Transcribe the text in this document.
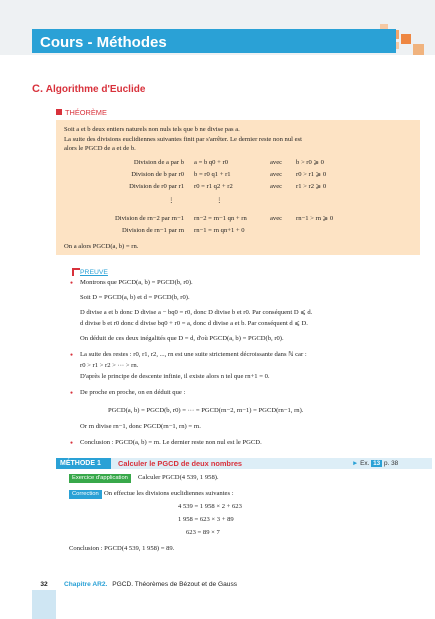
Cours - Méthodes
C. Algorithme d'Euclide
THÉORÈME

Soit a et b deux entiers naturels non nuls tels que b ne divise pas a.

La suite des divisions euclidiennes suivantes finit par s'arrêter. Le dernier reste non nul est

alors le PGCD de a et de b.

Division de a par b a = b q0 + r0	avec b > r0 ⩾ 0
Division de b par r0 b = r0 q1 + r1	avec r0 > r1 ⩾ 0
Division de r0 par r1 r0 = r1 q2 + r2	avec r1 > r2 ⩾ 0
⋮	⋮
Division de rn−2 par rn−1 rn−2 = rn−1 qn + rn	avec rn−1 > rn ⩾ 0
Division de rn−1 par rn rn−1 = rn qn+1 + 0

On a alors PGCD(a, b) = rn.

PREUVE
● Montrons que PGCD(a, b) = PGCD(b, r0).
Soit D = PGCD(a, b) et d = PGCD(b, r0).
D divise a et b donc D divise a − bq0 = r0, donc D divise b et r0. Par conséquent D ⩽ d.
d divise b et r0 donc d divise bq0 + r0 = a, donc d divise a et b. Par conséquent d ⩽ D.
On déduit de ces deux inégalités que D = d, d'où PGCD(a, b) = PGCD(b, r0).
● La suite des restes : r0, r1, r2, ..., rn est une suite strictement décroissante dans ℕ car :
r0 > r1 > r2 > ··· > rn.
D'après le principe de descente infinie, il existe alors n tel que rn+1 = 0.
● De proche en proche, on en déduit que :
PGCD(a, b) = PGCD(b, r0) = ··· = PGCD(rn−2, rn−1) = PGCD(rn−1, rn).
Or rn divise rn−1, donc PGCD(rn−1, rn) = rn.
● Conclusion : PGCD(a, b) = rn. Le dernier reste non nul est le PGCD.
MÉTHODE 1	Calculer le PGCD de deux nombres	► Ex. 13 p. 38
Exercice d'application	Calculer PGCD(4 539, 1 958).
Correction On effectue les divisions euclidiennes suivantes :
4 539 = 1 958 × 2 + 623
1 958 = 623 × 3 + 89
623 = 89 × 7
Conclusion : PGCD(4 539, 1 958) = 89.
32	Chapitre AR2. PGCD. Théorèmes de Bézout et de Gauss
